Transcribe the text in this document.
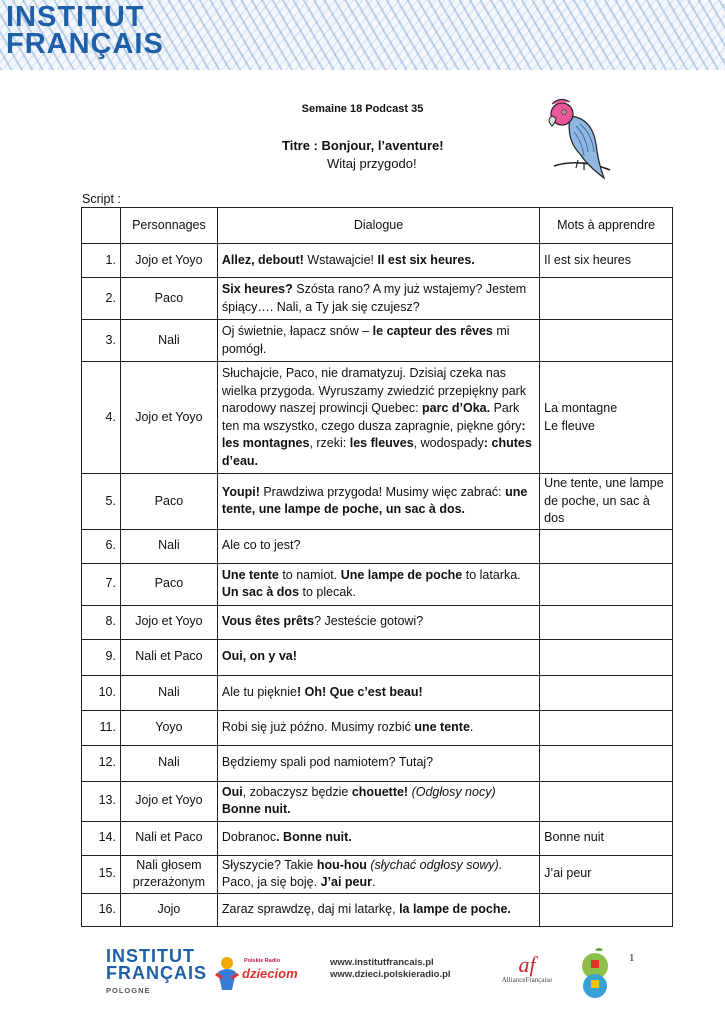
INSTITUT
FRANÇAIS
Semaine 18 Podcast 35
Titre : Bonjour, l’aventure!
Witaj przygodo!
Script :
	Personnages	Dialogue	Mots à apprendre
1.	Jojo et Yoyo	Allez, debout! Wstawajcie! Il est six heures.	Il est six heures
2.	Paco	Six heures? Szósta rano? A my już wstajemy? Jestem śpiący…. Nali, a Ty jak się czujesz?	
3.	Nali	Oj świetnie, łapacz snów – le capteur des rêves mi pomógł.	
4.	Jojo et Yoyo	Słuchajcie, Paco, nie dramatyzuj. Dzisiaj czeka nas wielka przygoda. Wyruszamy zwiedzić przepiękny park narodowy naszej prowincji Quebec: parc d’Oka. Park ten ma wszystko, czego dusza zapragnie, piękne góry: les montagnes, rzeki: les fleuves, wodospady: chutes d’eau.	La montagne
Le fleuve

5.	Paco	Youpi! Prawdziwa przygoda! Musimy więc zabrać: une tente, une lampe de poche, un sac à dos.	Une tente, une lampe de poche, un sac à dos
6.	Nali	Ale co to jest?	
7.	Paco	Une tente to namiot. Une lampe de poche to latarka. Un sac à dos to plecak.	
8.	Jojo et Yoyo	Vous êtes prêts? Jesteście gotowi?	
9.	Nali et Paco	Oui, on y va!	
10.	Nali	Ale tu pięknie! Oh! Que c’est beau!	
11.	Yoyo	Robi się już późno. Musimy rozbić une tente.	
12.	Nali	Będziemy spali pod namiotem? Tutaj?	
13.	Jojo et Yoyo	Oui, zobaczysz będzie chouette! (Odgłosy nocy)
Bonne nuit.	
14.	Nali et Paco	Dobranoc. Bonne nuit.	Bonne nuit
15.	Nali głosem przerażonym	Słyszycie? Takie hou-hou (słychać odgłosy sowy).
Paco, ja się boję. J’ai peur.	J’ai peur
16.	Jojo	Zaraz sprawdzę, daj mi latarkę, la lampe de poche.	
1
INSTITUT
FRANÇAIS
POLOGNE
Polskie Radio
dzieciom
www.institutfrancais.pl
www.dzieci.polskieradio.pl	af
AllianceFrançaise
